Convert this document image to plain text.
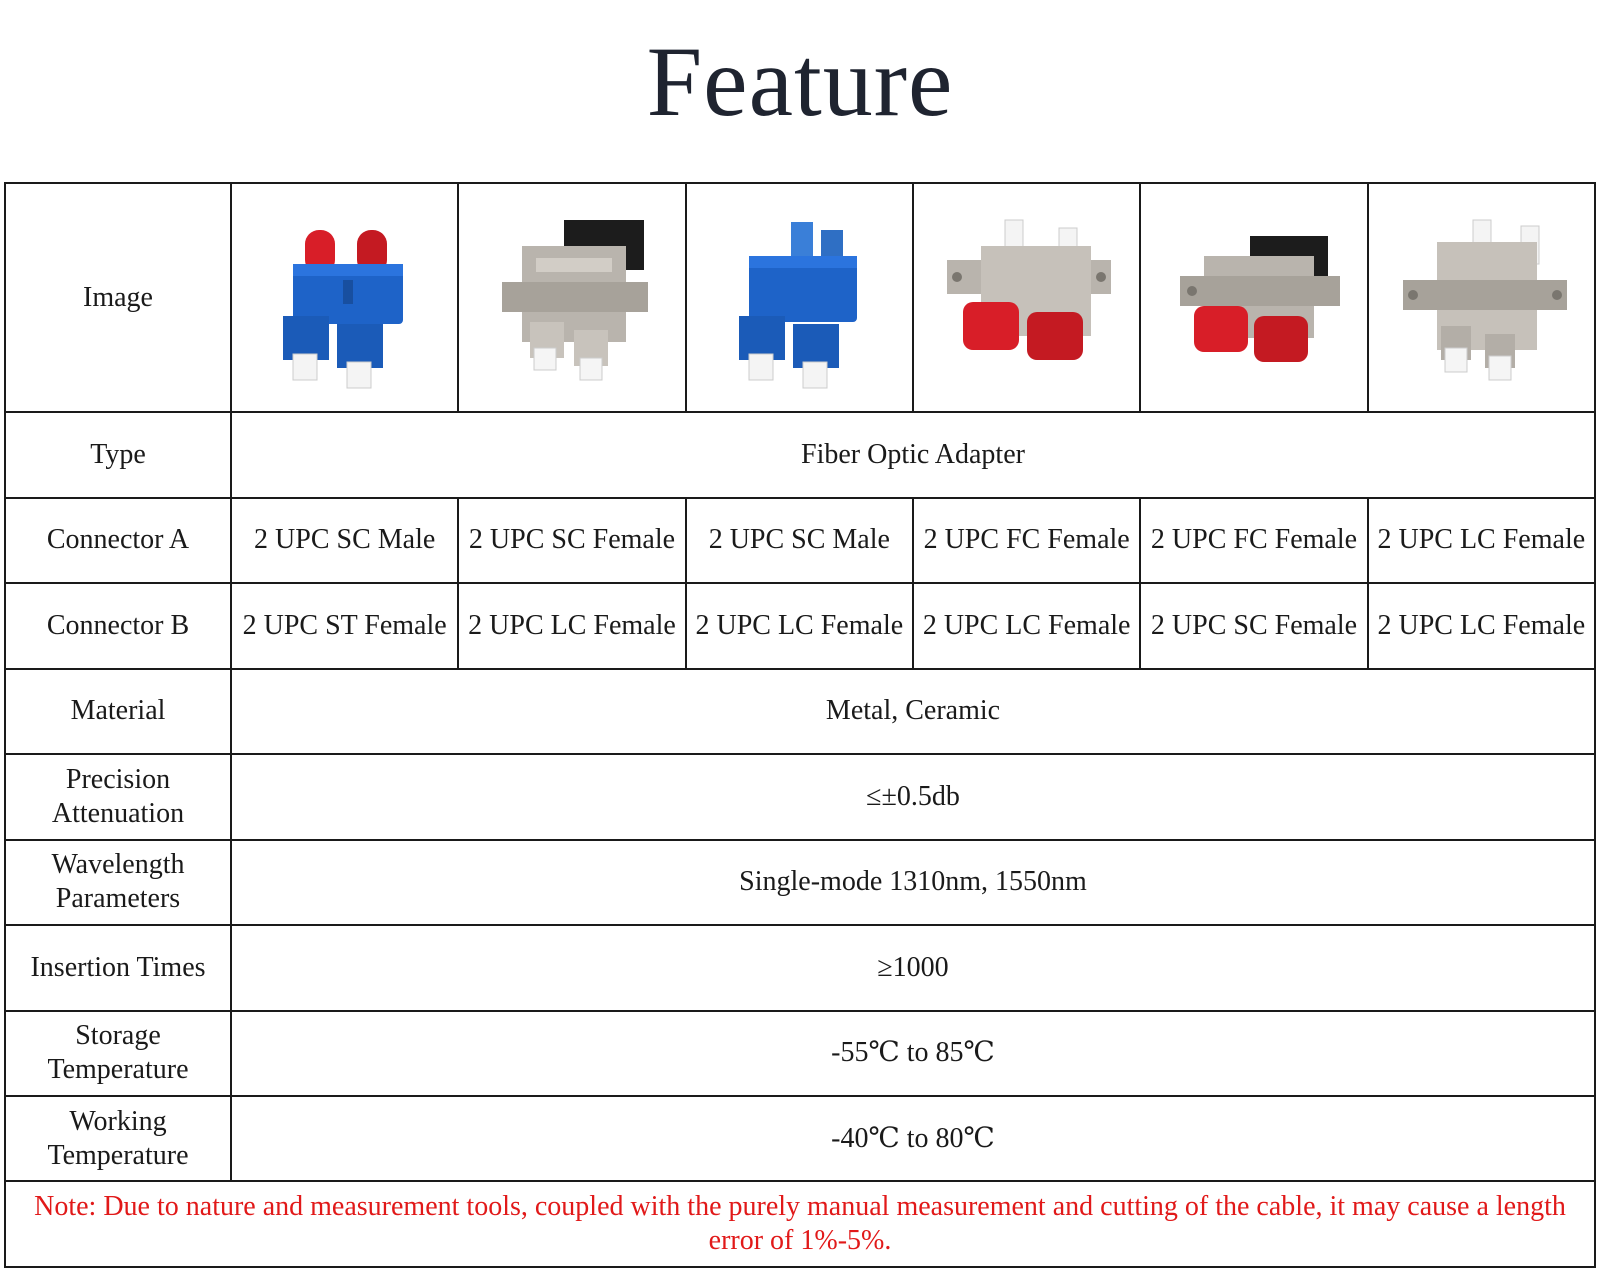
Feature
Image	

Type	Fiber Optic Adapter					
Connector A	2 UPC SC Male	2 UPC SC Female	2 UPC SC Male	2 UPC FC Female	2 UPC FC Female	2 UPC LC Female
Connector B	2 UPC ST Female	2 UPC LC Female	2 UPC LC Female	2 UPC LC Female	2 UPC SC Female	2 UPC LC Female
Material	Metal, Ceramic					

Precision
Attenuation	≤±0.5db					

Wavelength
Parameters	Single-mode 1310nm, 1550nm					
Insertion Times	≥1000					

Storage
Temperature	-55℃ to 85℃					

Working
Temperature	-40℃ to 80℃					
Note: Due to nature and measurement tools, coupled with the purely manual measurement and cutting of the cable, it may cause a length error of 1%-5%.						
